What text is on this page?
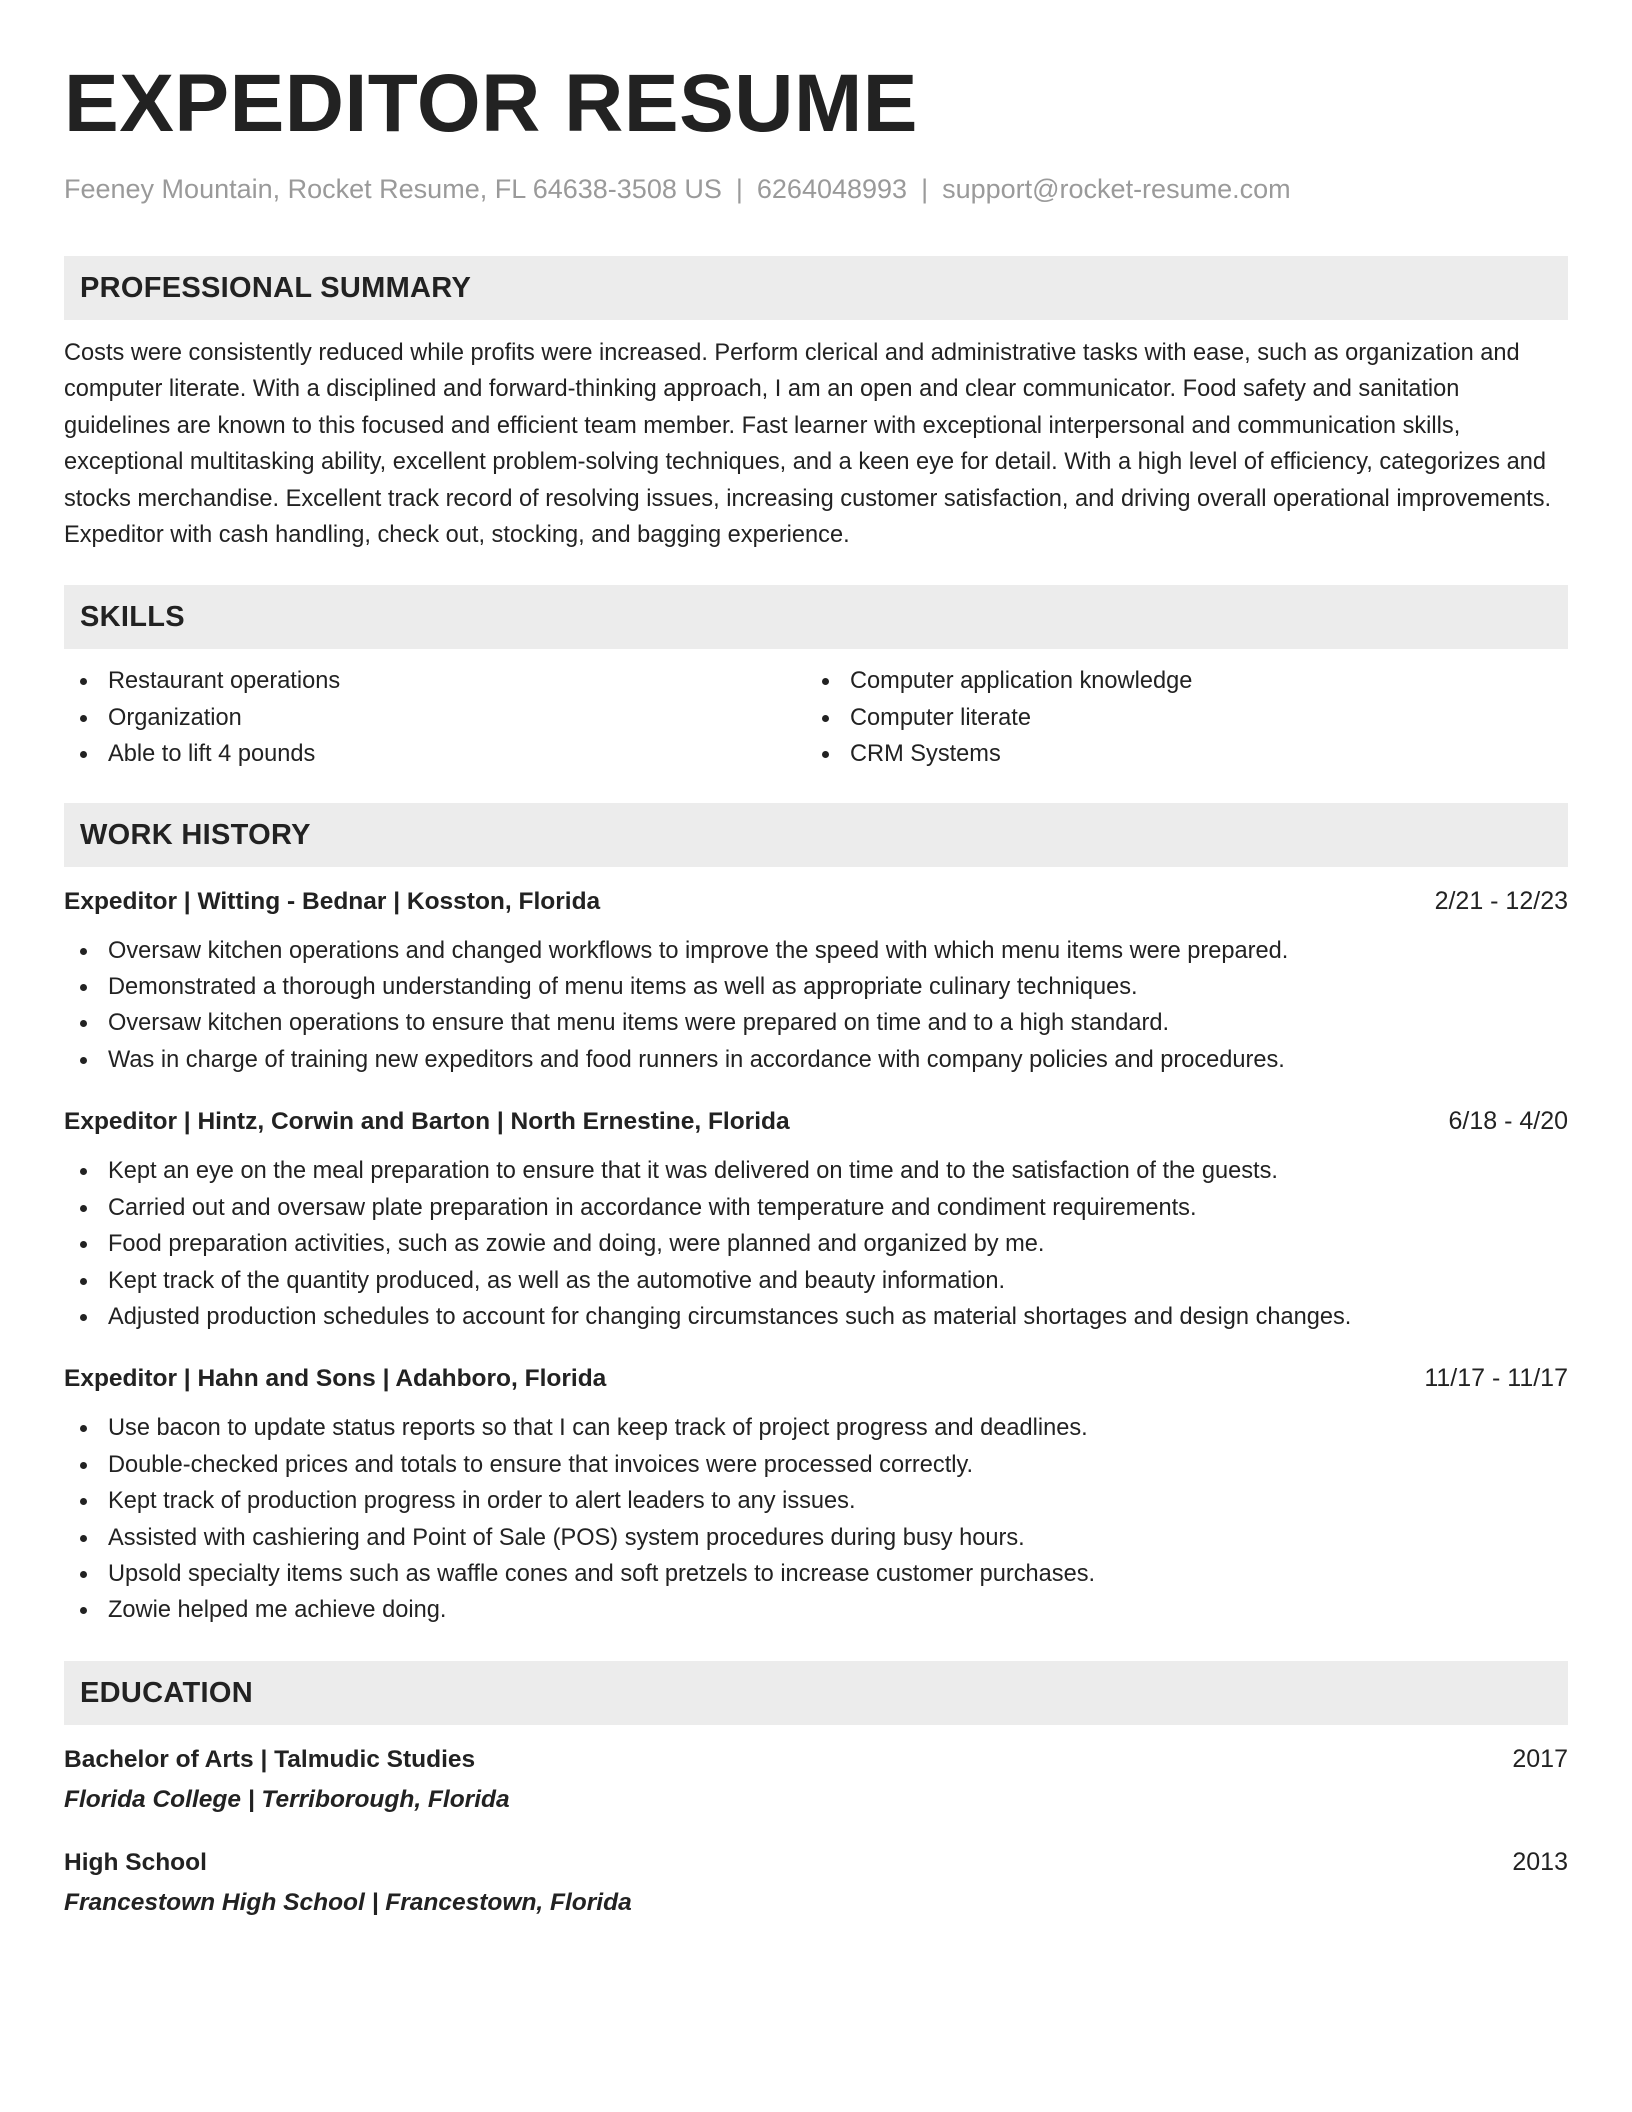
EXPEDITOR RESUME
Feeney Mountain, Rocket Resume, FL 64638-3508 US | 6264048993 | support@rocket-resume.com
PROFESSIONAL SUMMARY

Costs were consistently reduced while profits were increased. Perform clerical and administrative tasks with ease, such as organization and computer literate. With a disciplined and forward-thinking approach, I am an open and clear communicator. Food safety and sanitation guidelines are known to this focused and efficient team member. Fast learner with exceptional interpersonal and communication skills, exceptional multitasking ability, excellent problem-solving techniques, and a keen eye for detail. With a high level of efficiency, categorizes and stocks merchandise. Excellent track record of resolving issues, increasing customer satisfaction, and driving overall operational improvements. Expeditor with cash handling, check out, stocking, and bagging experience.

SKILLS
Restaurant operations
Organization
Able to lift 4 pounds
Computer application knowledge
Computer literate
CRM Systems
WORK HISTORY
Expeditor | Witting - Bednar | Kosston, Florida	2/21 - 12/23
Oversaw kitchen operations and changed workflows to improve the speed with which menu items were prepared.
Demonstrated a thorough understanding of menu items as well as appropriate culinary techniques.
Oversaw kitchen operations to ensure that menu items were prepared on time and to a high standard.
Was in charge of training new expeditors and food runners in accordance with company policies and procedures.
Expeditor | Hintz, Corwin and Barton | North Ernestine, Florida	6/18 - 4/20
Kept an eye on the meal preparation to ensure that it was delivered on time and to the satisfaction of the guests.
Carried out and oversaw plate preparation in accordance with temperature and condiment requirements.
Food preparation activities, such as zowie and doing, were planned and organized by me.
Kept track of the quantity produced, as well as the automotive and beauty information.
Adjusted production schedules to account for changing circumstances such as material shortages and design changes.
Expeditor | Hahn and Sons | Adahboro, Florida	11/17 - 11/17
Use bacon to update status reports so that I can keep track of project progress and deadlines.
Double-checked prices and totals to ensure that invoices were processed correctly.
Kept track of production progress in order to alert leaders to any issues.
Assisted with cashiering and Point of Sale (POS) system procedures during busy hours.
Upsold specialty items such as waffle cones and soft pretzels to increase customer purchases.
Zowie helped me achieve doing.
EDUCATION
Bachelor of Arts | Talmudic Studies	2017
Florida College | Terriborough, Florida
High School	2013
Francestown High School | Francestown, Florida
